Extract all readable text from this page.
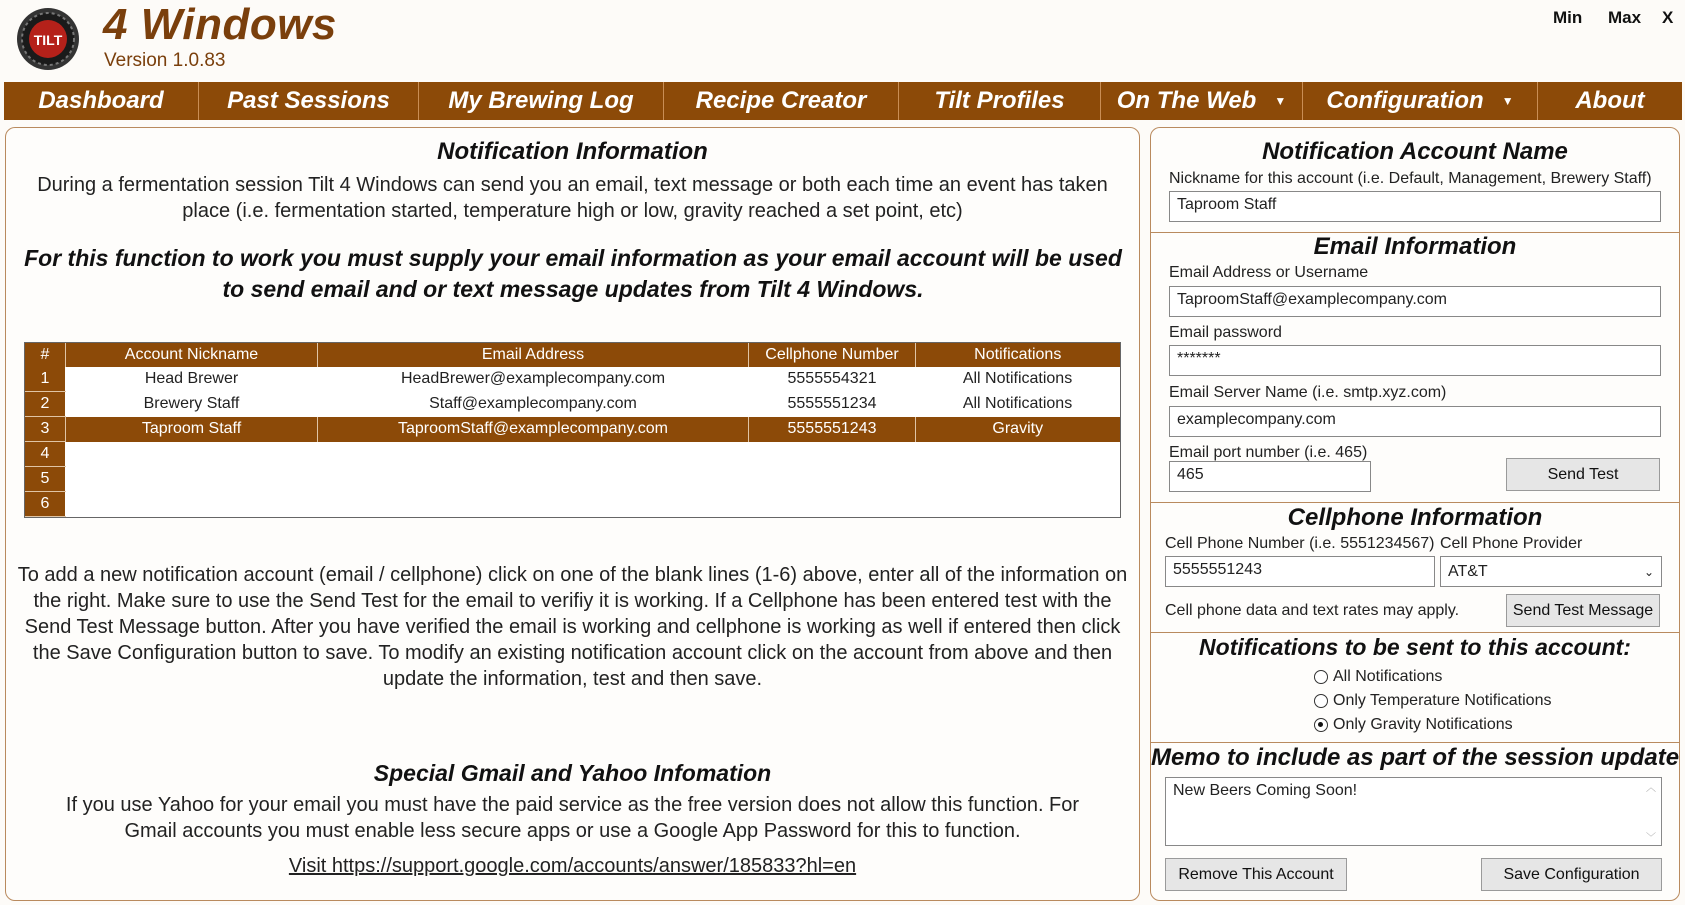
TILT 4 Windows
Version 1.0.83
Min Max X
Dashboard	Past Sessions My Brewing Log	Recipe Creator	Tilt Profiles On The Web ▼ Configuration ▼	About
Notification Information

During a fermentation session Tilt 4 Windows can send you an email, text message or both each time an event has taken place (i.e. fermentation started, temperature high or low, gravity reached a set point, etc)

For this function to work you must supply your email information as your email account will be used to send email and or text message updates from Tilt 4 Windows.

#	Account Nickname	Email Address	Cellphone Number	Notifications
1	Head Brewer	HeadBrewer@examplecompany.com	5555554321	All Notifications
2	Brewery Staff	Staff@examplecompany.com	5555551234	All Notifications
3	Taproom Staff	TaproomStaff@examplecompany.com	5555551243	Gravity
4				
5				
6				

To add a new notification account (email / cellphone) click on one of the blank lines (1-6) above, enter all of the information on the right. Make sure to use the Send Test for the email to verifiy it is working. If a Cellphone has been entered test with the Send Test Message button. After you have verified the email is working and cellphone is working as well if entered then click the Save Configuration button to save. To modify an existing notification account click on the account from above and then update the information, test and then save.

Special Gmail and Yahoo Infomation

If you use Yahoo for your email you must have the paid service as the free version does not allow this function. For Gmail accounts you must enable less secure apps or use a Google App Password for this to function.

Visit https://support.google.com/accounts/answer/185833?hl=en

Notification Account Name
Nickname for this account (i.e. Default, Management, Brewery Staff)
Taproom Staff
Email Information
Email Address or Username
TaproomStaff@examplecompany.com
Email password
*******
Email Server Name (i.e. smtp.xyz.com)
examplecompany.com
Email port number (i.e. 465)
465	Send Test
Cellphone Information
Cell Phone Number (i.e. 5551234567) Cell Phone Provider
5555551243	AT&T	⌄
Cell phone data and text rates may apply.	Send Test Message
Notifications to be sent to this account:
All Notifications
Only Temperature Notifications
Only Gravity Notifications
Memo to include as part of the session update
New Beers Coming Soon!	︿
﹀
Remove This Account	Save Configuration
